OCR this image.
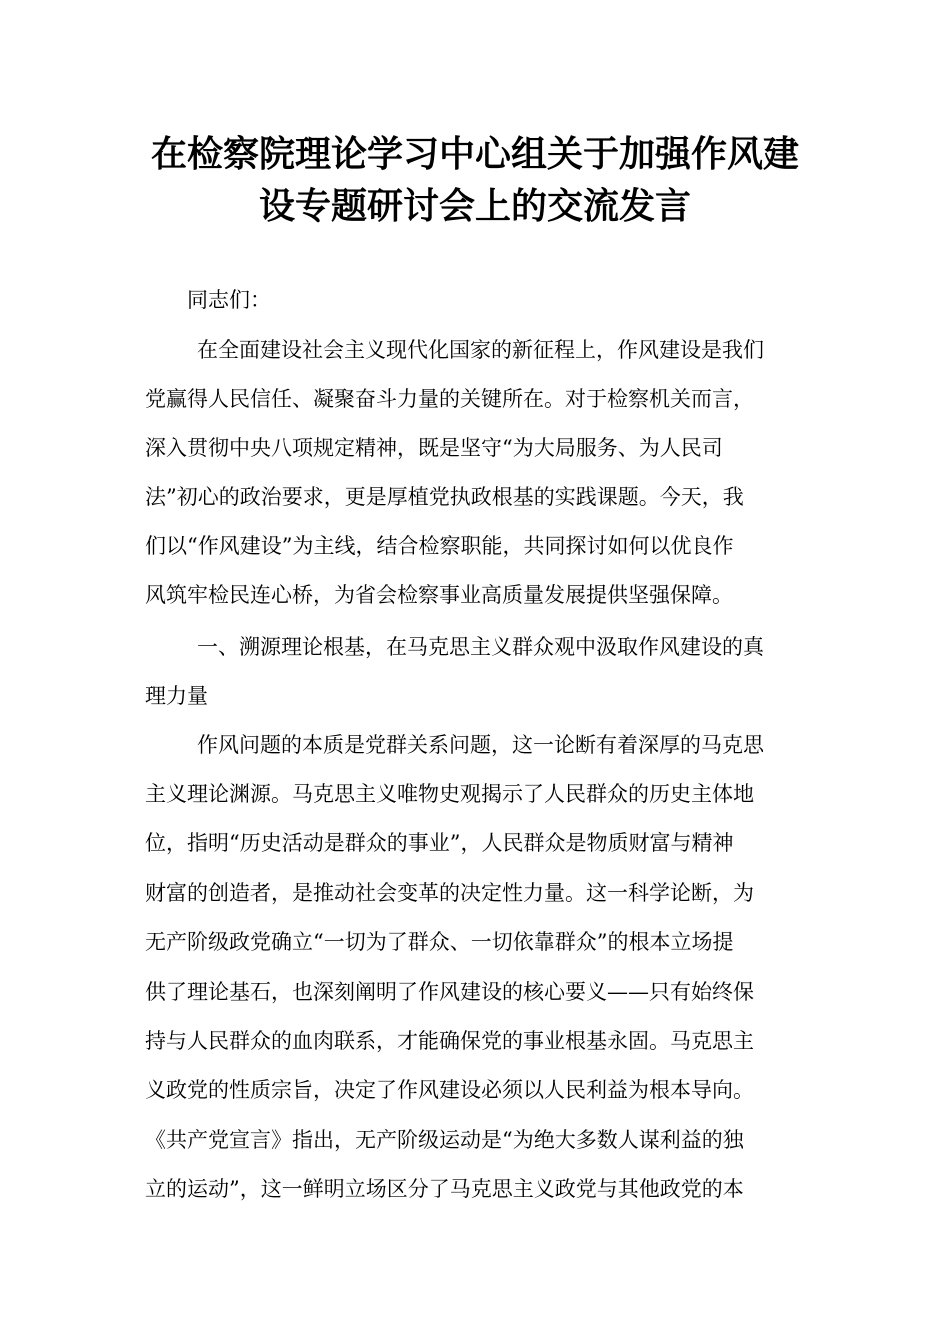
在检察院理论学习中心组关于加强作风建
设专题研讨会上的交流发言
同志们：
在全面建设社会主义现代化国家的新征程上，作风建设是我们
党赢得人民信任、凝聚奋斗力量的关键所在。对于检察机关而言，
深入贯彻中央八项规定精神，既是坚守“为大局服务、为人民司
法”初心的政治要求，更是厚植党执政根基的实践课题。今天，我
们以“作风建设”为主线，结合检察职能，共同探讨如何以优良作
风筑牢检民连心桥，为省会检察事业高质量发展提供坚强保障。
一、溯源理论根基，在马克思主义群众观中汲取作风建设的真
理力量
作风问题的本质是党群关系问题，这一论断有着深厚的马克思
主义理论渊源。马克思主义唯物史观揭示了人民群众的历史主体地
位，指明“历史活动是群众的事业”，人民群众是物质财富与精神
财富的创造者，是推动社会变革的决定性力量。这一科学论断，为
无产阶级政党确立“一切为了群众、一切依靠群众”的根本立场提
供了理论基石，也深刻阐明了作风建设的核心要义——只有始终保
持与人民群众的血肉联系，才能确保党的事业根基永固。马克思主
义政党的性质宗旨，决定了作风建设必须以人民利益为根本导向。
《共产党宣言》指出，无产阶级运动是“为绝大多数人谋利益的独
立的运动”，这一鲜明立场区分了马克思主义政党与其他政党的本
